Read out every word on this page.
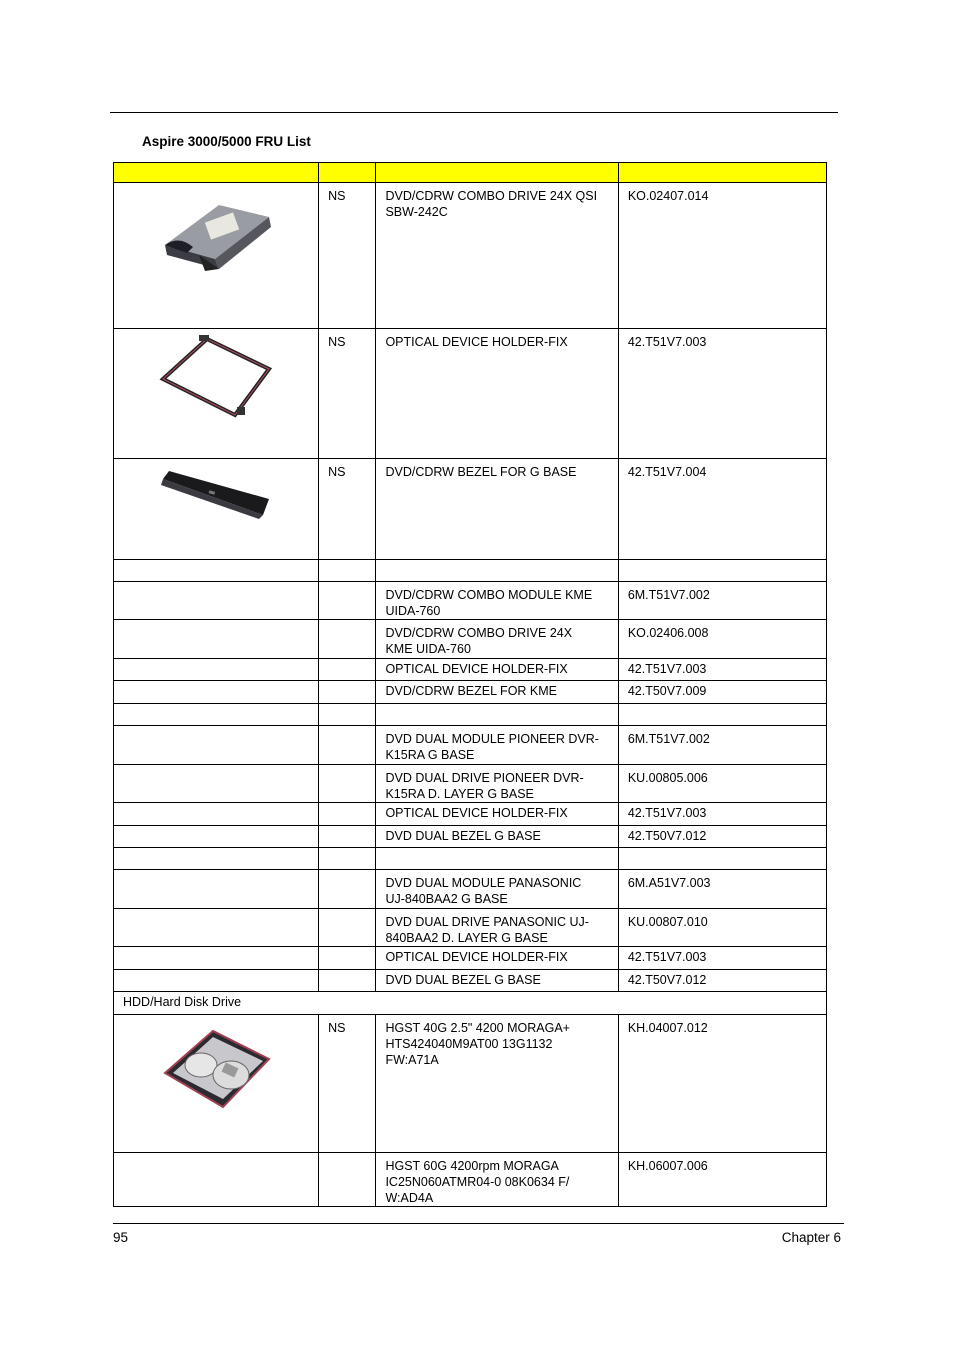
Aspire 3000/5000 FRU List

	NS	DVD/CDRW COMBO DRIVE 24X QSI
SBW-242C	KO.02407.014
	NS	OPTICAL DEVICE HOLDER-FIX	42.T51V7.003
	NS	DVD/CDRW BEZEL FOR G BASE	42.T51V7.004

		DVD/CDRW COMBO MODULE KME
UIDA-760	6M.T51V7.002

		DVD/CDRW COMBO DRIVE 24X
KME UIDA-760	KO.02406.008

		OPTICAL DEVICE HOLDER-FIX	42.T51V7.003

		DVD/CDRW BEZEL FOR KME	42.T50V7.009

		DVD DUAL MODULE PIONEER DVR-
K15RA G BASE	6M.T51V7.002

		DVD DUAL DRIVE PIONEER DVR-
K15RA D. LAYER G BASE	KU.00805.006

		OPTICAL DEVICE HOLDER-FIX	42.T51V7.003

		DVD DUAL BEZEL G BASE	42.T50V7.012

		DVD DUAL MODULE PANASONIC
UJ-840BAA2 G BASE	6M.A51V7.003

		DVD DUAL DRIVE PANASONIC UJ-
840BAA2 D. LAYER G BASE	KU.00807.010

		OPTICAL DEVICE HOLDER-FIX	42.T51V7.003

		DVD DUAL BEZEL G BASE	42.T50V7.012
HDD/Hard Disk Drive			
	NS	HGST 40G 2.5" 4200 MORAGA+
HTS424040M9AT00 13G1132
FW:A71A	KH.04007.012

		HGST 60G 4200rpm MORAGA
IC25N060ATMR04-0 08K0634 F/
W:AD4A	KH.06007.006
95	Chapter 6
